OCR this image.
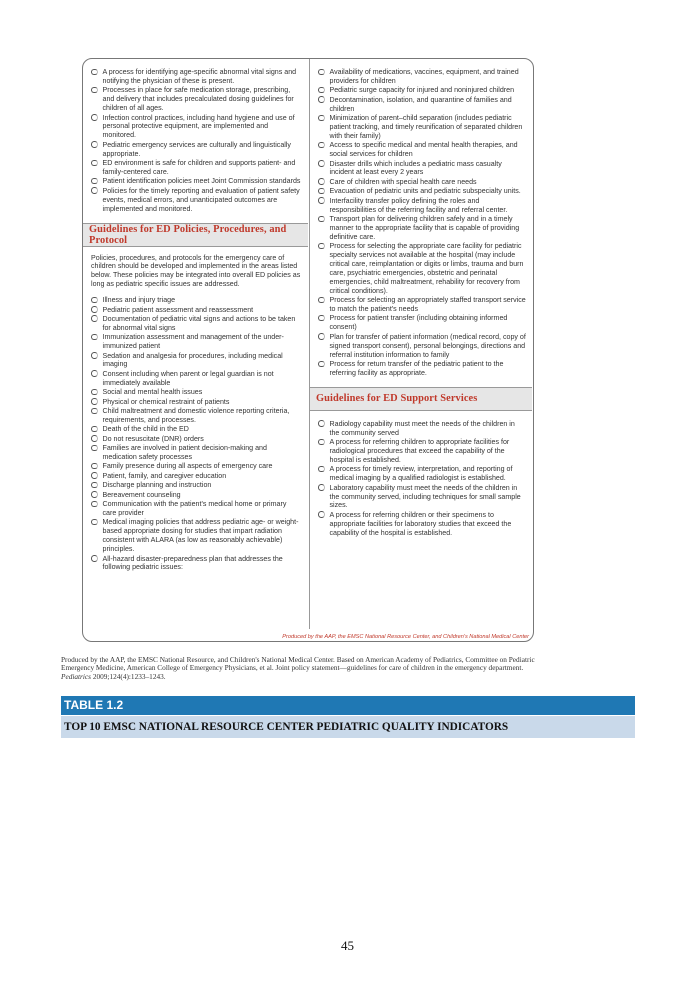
A process for identifying age-specific abnormal vital signs and notifying the physician of these is present.
Processes in place for safe medication storage, prescribing, and delivery that includes precalculated dosing guidelines for children of all ages.
Infection control practices, including hand hygiene and use of personal protective equipment, are implemented and monitored.
Pediatric emergency services are culturally and linguistically appropriate.
ED environment is safe for children and supports patient- and family-centered care.
Patient identification policies meet Joint Commission standards
Policies for the timely reporting and evaluation of patient safety events, medical errors, and unanticipated outcomes are implemented and monitored.
Guidelines for ED Policies, Procedures, and Protocol
Policies, procedures, and protocols for the emergency care of children should be developed and implemented in the areas listed below. These policies may be integrated into overall ED policies as long as pediatric specific issues are addressed.
Illness and injury triage
Pediatric patient assessment and reassessment
Documentation of pediatric vital signs and actions to be taken for abnormal vital signs
Immunization assessment and management of the under-immunized patient
Sedation and analgesia for procedures, including medical imaging
Consent including when parent or legal guardian is not immediately available
Social and mental health issues
Physical or chemical restraint of patients
Child maltreatment and domestic violence reporting criteria, requirements, and processes.
Death of the child in the ED
Do not resuscitate (DNR) orders
Families are involved in patient decision-making and medication safety processes
Family presence during all aspects of emergency care
Patient, family, and caregiver education
Discharge planning and instruction
Bereavement counseling
Communication with the patient's medical home or primary care provider
Medical imaging policies that address pediatric age- or weight-based appropriate dosing for studies that impart radiation consistent with ALARA (as low as reasonably achievable) principles.
All-hazard disaster-preparedness plan that addresses the following pediatric issues:
Availability of medications, vaccines, equipment, and trained providers for children
Pediatric surge capacity for injured and noninjured children
Decontamination, isolation, and quarantine of families and children
Minimization of parent–child separation (includes pediatric patient tracking, and timely reunification of separated children with their family)
Access to specific medical and mental health therapies, and social services for children
Disaster drills which includes a pediatric mass casualty incident at least every 2 years
Care of children with special health care needs
Evacuation of pediatric units and pediatric subspecialty units.
Interfacility transfer policy defining the roles and responsibilities of the referring facility and referral center.
Transport plan for delivering children safely and in a timely manner to the appropriate facility that is capable of providing definitive care.
Process for selecting the appropriate care facility for pediatric specialty services not available at the hospital (may include critical care, reimplantation or digits or limbs, trauma and burn care, psychiatric emergencies, obstetric and perinatal emergencies, child maltreatment, rehability for recovery from critical conditions).
Process for selecting an appropriately staffed transport service to match the patient's needs
Process for patient transfer (including obtaining informed consent)
Plan for transfer of patient information (medical record, copy of signed transport consent), personal belongings, directions and referral institution information to family
Process for return transfer of the pediatric patient to the referring facility as appropriate.
Guidelines for ED Support Services
Radiology capability must meet the needs of the children in the community served
A process for referring children to appropriate facilities for radiological procedures that exceed the capability of the hospital is established.
A process for timely review, interpretation, and reporting of medical imaging by a qualified radiologist is established.
Laboratory capability must meet the needs of the children in the community served, including techniques for small sample sizes.
A process for referring children or their specimens to appropriate facilities for laboratory studies that exceed the capability of the hospital is established.
Produced by the AAP, the EMSC National Resource Center, and Children's National Medical Center
Produced by the AAP, the EMSC National Resource, and Children's National Medical Center. Based on American Academy of Pediatrics, Committee on Pediatric Emergency Medicine, American College of Emergency Physicians, et al. Joint policy statement—guidelines for care of children in the emergency department. Pediatrics 2009;124(4):1233–1243.
TABLE 1.2
TOP 10 EMSC NATIONAL RESOURCE CENTER PEDIATRIC QUALITY INDICATORS
45
